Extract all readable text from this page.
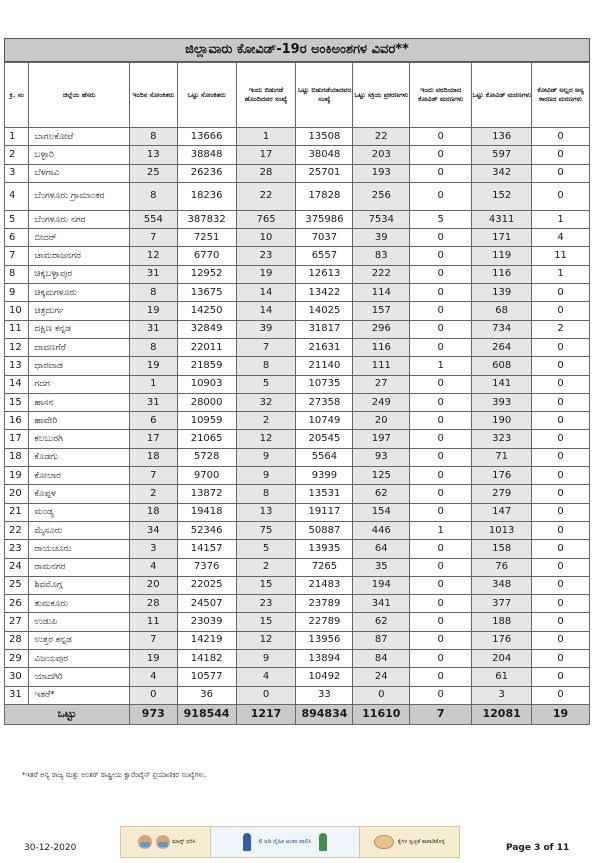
ಜಿಲ್ಲಾವಾರು ಕೋವಿಡ್-19ರ ಅಂಕಿಅಂಶಗಳ ವಿವರ**
ಕ್ರ. ಸಂ	ಜಿಲ್ಲೆಯ ಹೆಸರು	ಇಂದಿನ ಸೋಂಕಿತರು	ಒಟ್ಟು ಸೋಂಕಿತರು	ಇಂದು ಬಿಡುಗಡೆ ಹೊಂದಿದವರ ಸಂಖ್ಯೆ	ಒಟ್ಟು ಬಿಡುಗಡೆಯಾದವರ ಸಂಖ್ಯೆ	ಒಟ್ಟು ಸಕ್ರಿಯ ಪ್ರಕರಣಗಳು	ಇಂದು ವರದಿಯಾದ ಕೋವಿಡ್ ಮರಣಗಳು	ಒಟ್ಟು ಕೋವಿಡ್ ಮರಣಗಳು	ಕೋವಿಡ್ ಅಲ್ಲದ ಅನ್ಯ ಕಾರಣದ ಮರಣಗಳು
1	ಬಾಗಲಕೋಟೆ	8	13666	1	13508	22	0	136	0
2	ಬಳ್ಳಾರಿ	13	38848	17	38048	203	0	597	0
3	ಬೆಳಗಾವಿ	25	26236	28	25701	193	0	342	0
4	ಬೆಂಗಳೂರು ಗ್ರಾಮಾಂತರ	8	18236	22	17828	256	0	152	0
5	ಬೆಂಗಳೂರು ನಗರ	554	387832	765	375986	7534	5	4311	1
6	ಬೀದರ್	7	7251	10	7037	39	0	171	4
7	ಚಾಮರಾಜನಗರ	12	6770	23	6557	83	0	119	11
8	ಚಿಕ್ಕಬಳ್ಳಾಪುರ	31	12952	19	12613	222	0	116	1
9	ಚಿಕ್ಕಮಗಳೂರು	8	13675	14	13422	114	0	139	0
10	ಚಿತ್ರದುರ್ಗ	19	14250	14	14025	157	0	68	0
11	ದಕ್ಷಿಣ ಕನ್ನಡ	31	32849	39	31817	296	0	734	2
12	ದಾವಣಗೆರೆ	8	22011	7	21631	116	0	264	0
13	ಧಾರವಾಡ	19	21859	8	21140	111	1	608	0
14	ಗದಗ	1	10903	5	10735	27	0	141	0
15	ಹಾಸನ	31	28000	32	27358	249	0	393	0
16	ಹಾವೇರಿ	6	10959	2	10749	20	0	190	0
17	ಕಲಬುರಗಿ	17	21065	12	20545	197	0	323	0
18	ಕೊಡಗು	18	5728	9	5564	93	0	71	0
19	ಕೋಲಾರ	7	9700	9	9399	125	0	176	0
20	ಕೊಪ್ಪಳ	2	13872	8	13531	62	0	279	0
21	ಮಂಡ್ಯ	18	19418	13	19117	154	0	147	0
22	ಮೈಸೂರು	34	52346	75	50887	446	1	1013	0
23	ರಾಯಚೂರು	3	14157	5	13935	64	0	158	0
24	ರಾಮನಗರ	4	7376	2	7265	35	0	76	0
25	ಶಿವಮೊಗ್ಗ	20	22025	15	21483	194	0	348	0
26	ತುಮಕೂರು	28	24507	23	23789	341	0	377	0
27	ಉಡುಪಿ	11	23039	15	22789	62	0	188	0
28	ಉತ್ತರ ಕನ್ನಡ	7	14219	12	13956	87	0	176	0
29	ವಿಜಯಪುರ	19	14182	9	13894	84	0	204	0
30	ಯಾದಗಿರಿ	4	10577	4	10492	24	0	61	0
31	ಇತರೆ*	0	36	0	33	0	0	3	0
ಒಟ್ಟು		973	918544	1217	894834	11610	7	12081	19
*ಇತರೆ ಅನ್ಯ ರಾಜ್ಯ ಮತ್ತು ಅಂತರ್ ರಾಷ್ಟ್ರೀಯ ಕ್ವಾರೆಂಟೈನ್ ಪ್ರಯಾಣಿಕರ ಸಂಖ್ಯೆಗಳು.
30-12-2020
ಮಾಸ್ಕ್ ಧರಿಸಿ	6 ಅಡಿ ದೈಹಿಕ ಅಂತರ ಪಾಲಿಸಿ	ಕೈಗಳ ಸ್ವಚ್ಛತೆ ಕಾಪಾಡಿಕೊಳ್ಳಿ
Page 3 of 11
